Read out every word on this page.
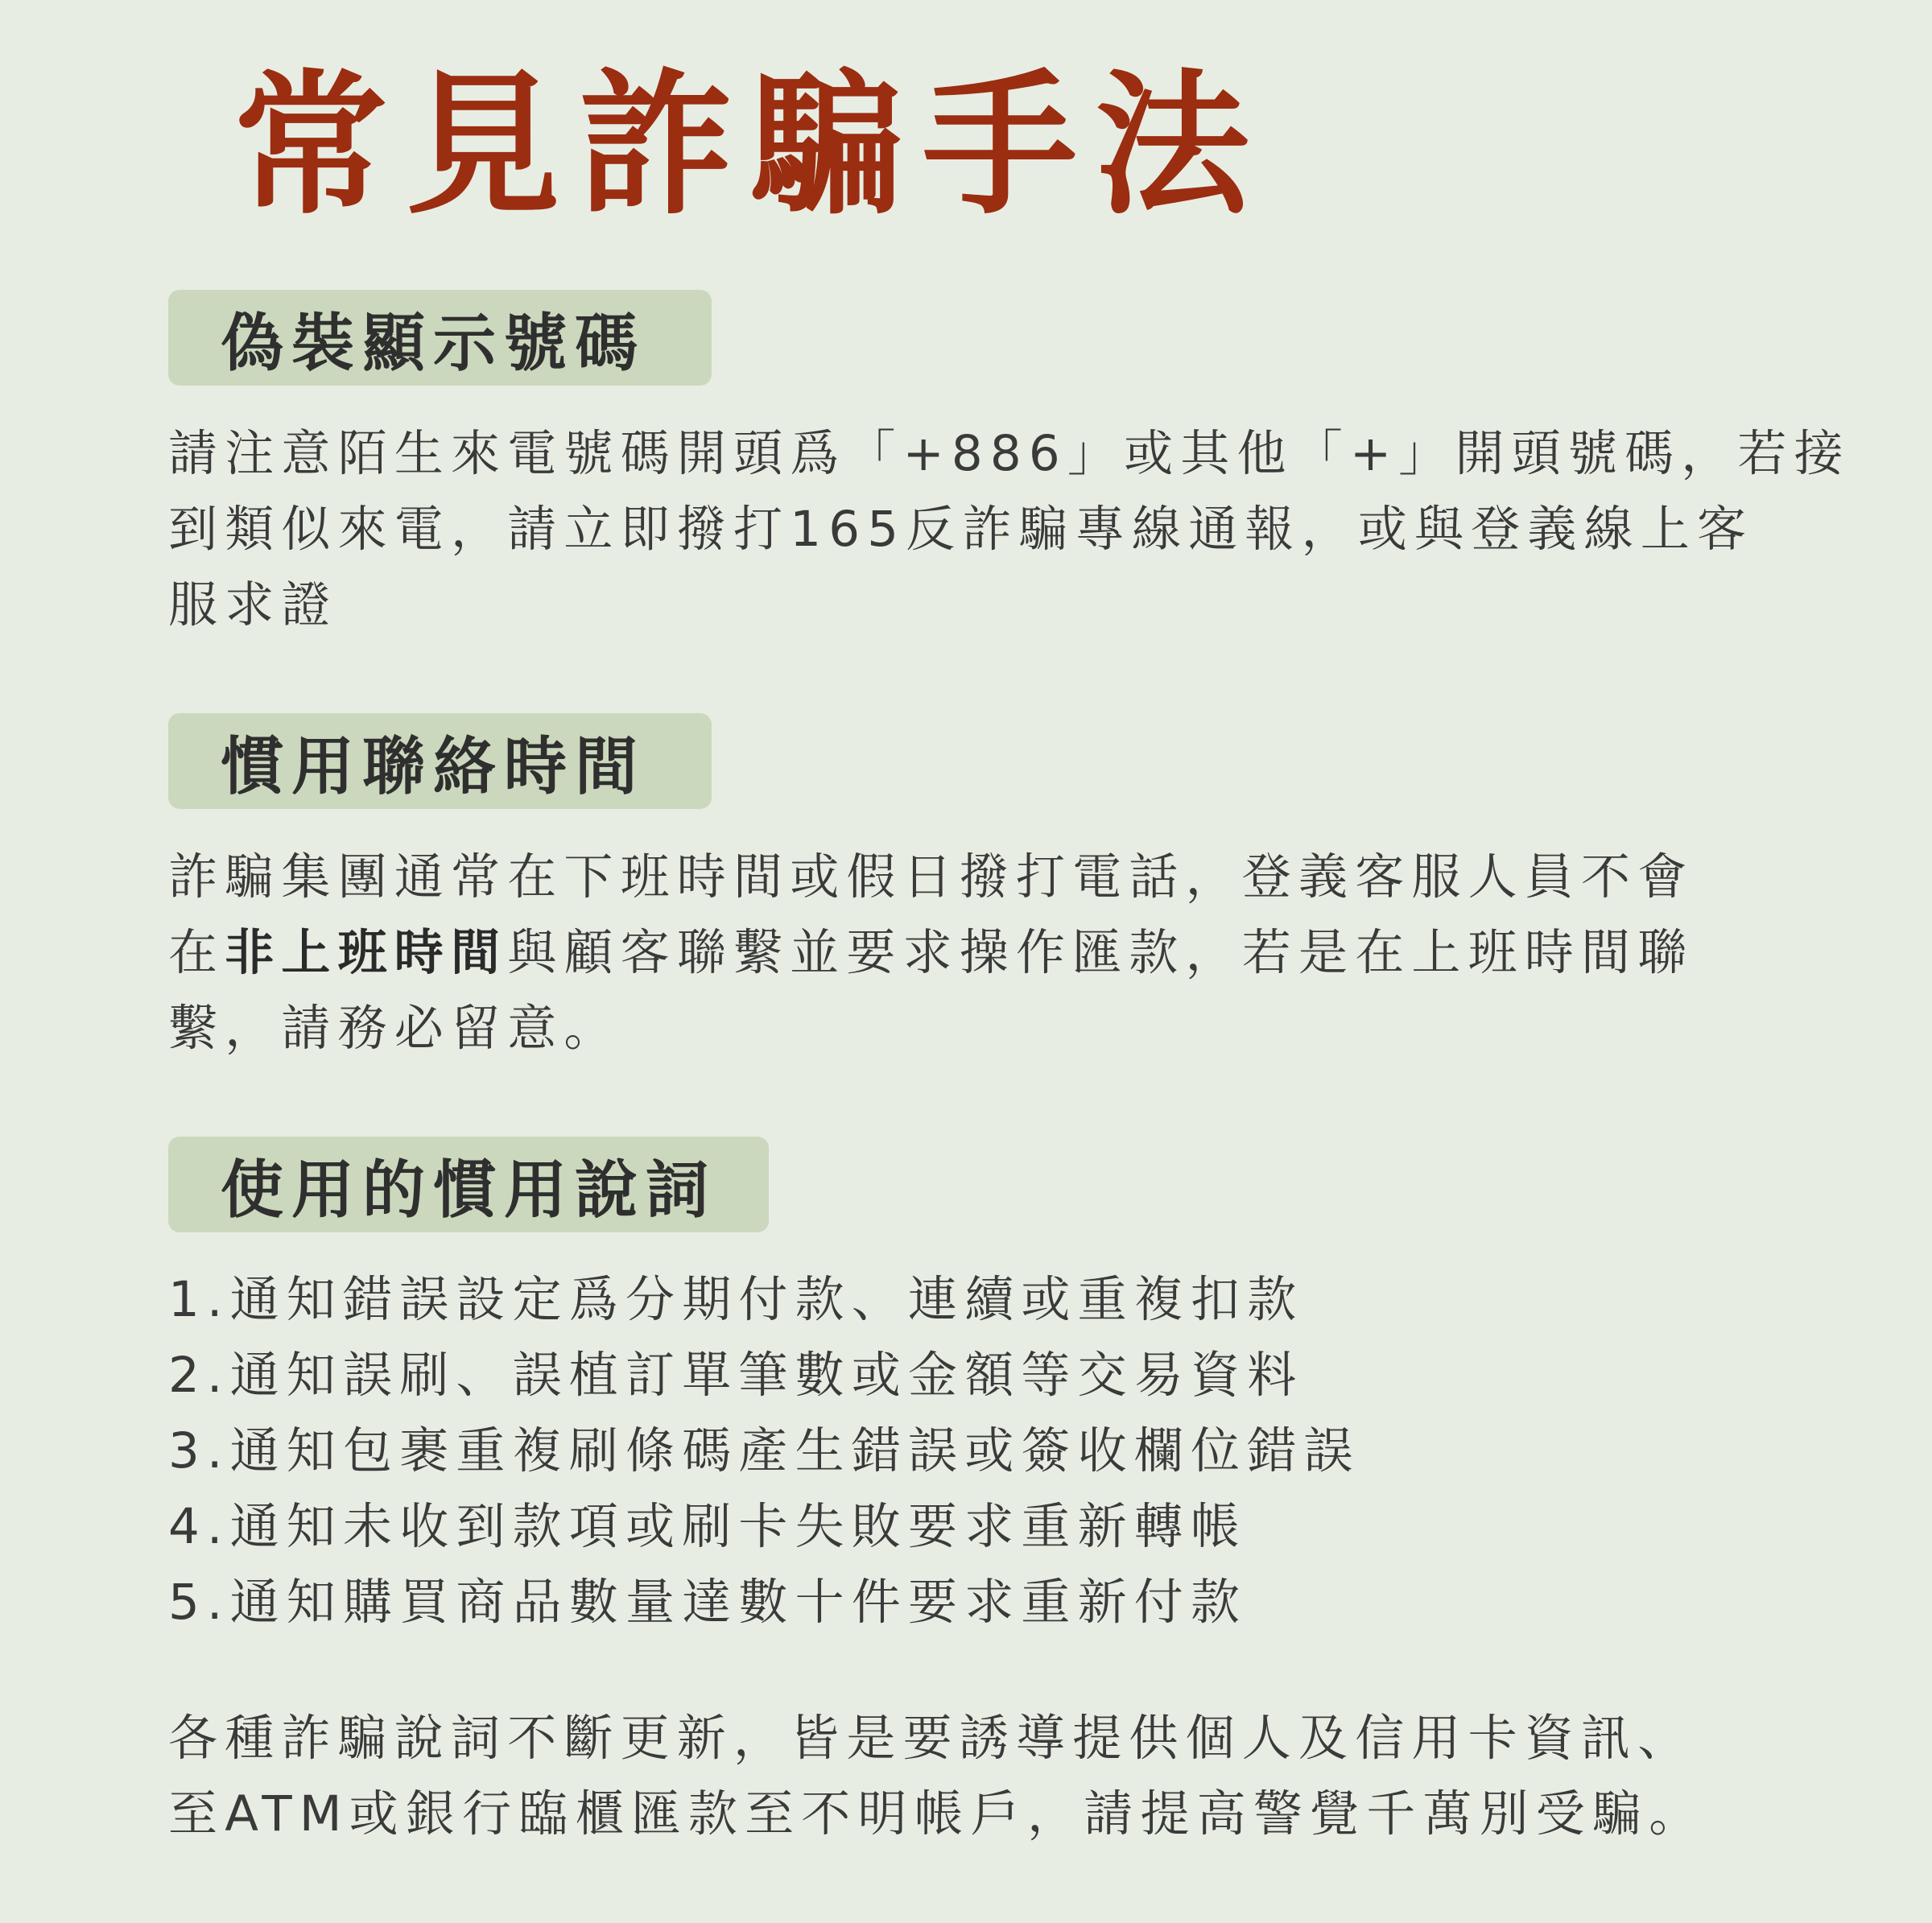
常見詐騙手法
偽裝顯示號碼

請注意陌生來電號碼開頭爲「+886」或其他「+」開頭號碼，若接
到類似來電，請立即撥打165反詐騙專線通報，或與登義線上客
服求證

慣用聯絡時間

詐騙集團通常在下班時間或假日撥打電話，登義客服人員不會
在非上班時間與顧客聯繫並要求操作匯款，若是在上班時間聯
繫，請務必留意。

使用的慣用說詞
1.通知錯誤設定爲分期付款、連續或重複扣款
2.通知誤刷、誤植訂單筆數或金額等交易資料
3.通知包裹重複刷條碼產生錯誤或簽收欄位錯誤
4.通知未收到款項或刷卡失敗要求重新轉帳
5.通知購買商品數量達數十件要求重新付款

各種詐騙說詞不斷更新，皆是要誘導提供個人及信用卡資訊、
至ATM或銀行臨櫃匯款至不明帳戶，請提高警覺千萬別受騙。
